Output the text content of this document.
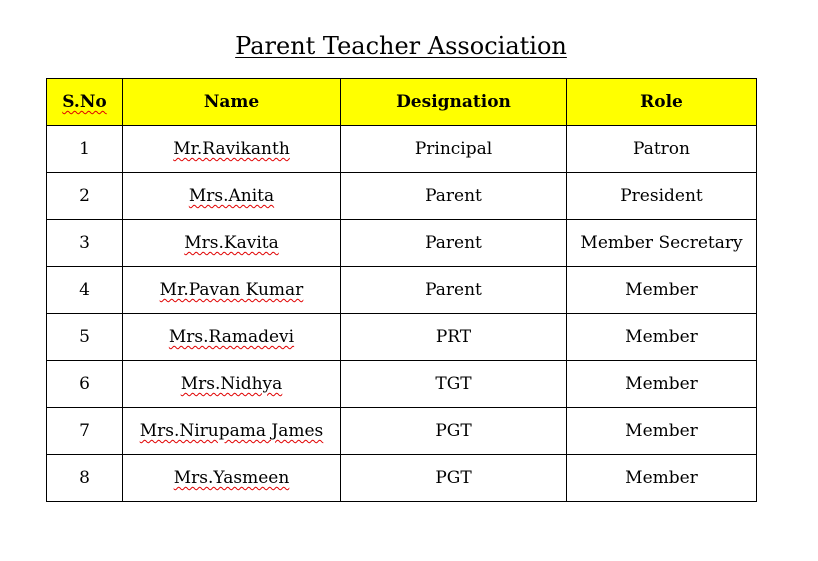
Parent Teacher Association
S.No	Name	Designation	Role
1	Mr.Ravikanth	Principal	Patron
2	Mrs.Anita	Parent	President
3	Mrs.Kavita	Parent	Member Secretary
4	Mr.Pavan Kumar	Parent	Member
5	Mrs.Ramadevi	PRT	Member
6	Mrs.Nidhya	TGT	Member
7	Mrs.Nirupama James	PGT	Member
8	Mrs.Yasmeen	PGT	Member
